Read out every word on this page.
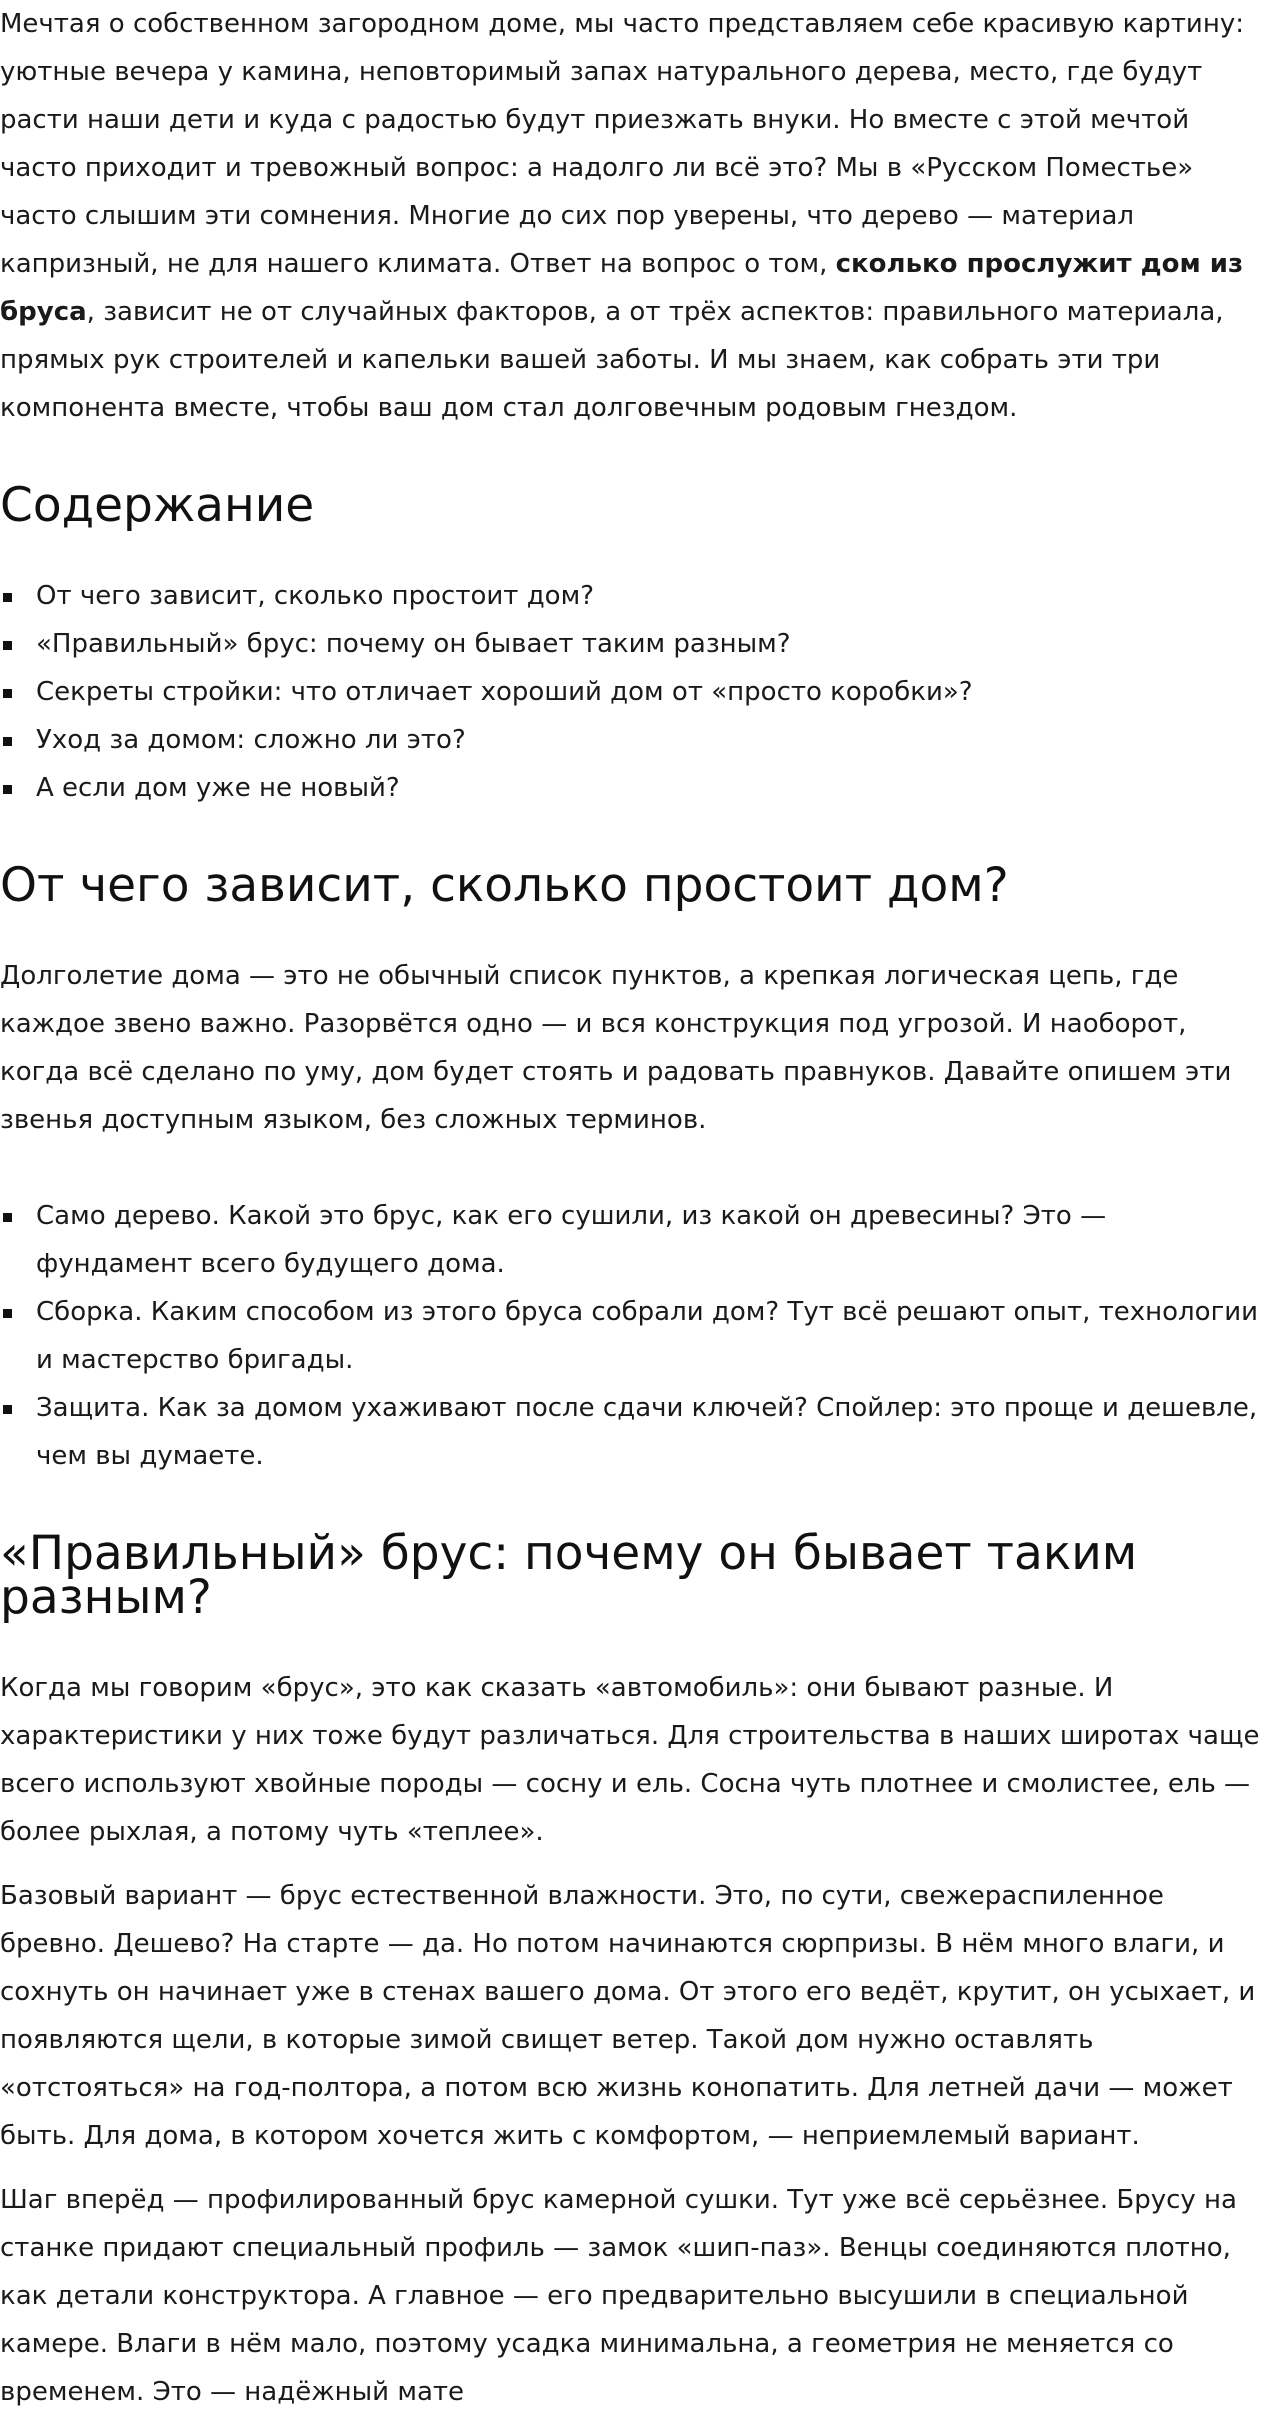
Мечтая о собственном загородном доме, мы часто представляем себе красивую картину: уютные вечера у камина, неповторимый запах натурального дерева, место, где будут расти наши дети и куда с радостью будут приезжать внуки. Но вместе с этой мечтой часто приходит и тревожный вопрос: а надолго ли всё это? Мы в «Русском Поместье» часто слышим эти сомнения. Многие до сих пор уверены, что дерево — материал капризный, не для нашего климата. Ответ на вопрос о том, сколько прослужит дом из бруса, зависит не от случайных факторов, а от трёх аспектов: правильного материала, прямых рук строителей и капельки вашей заботы. И мы знаем, как собрать эти три компонента вместе, чтобы ваш дом стал долговечным родовым гнездом.

Содержание
От чего зависит, сколько простоит дом?
«Правильный» брус: почему он бывает таким разным?
Секреты стройки: что отличает хороший дом от «просто коробки»?
Уход за домом: сложно ли это?
А если дом уже не новый?
От чего зависит, сколько простоит дом?

Долголетие дома — это не обычный список пунктов, а крепкая логическая цепь, где каждое звено важно. Разорвётся одно — и вся конструкция под угрозой. И наоборот, когда всё сделано по уму, дом будет стоять и радовать правнуков. Давайте опишем эти звенья доступным языком, без сложных терминов.

Само дерево. Какой это брус, как его сушили, из какой он древесины? Это — фундамент всего будущего дома.
Сборка. Каким способом из этого бруса собрали дом? Тут всё решают опыт, технологии и мастерство бригады.
Защита. Как за домом ухаживают после сдачи ключей? Спойлер: это проще и дешевле, чем вы думаете.
«Правильный» брус: почему он бывает таким разным?

Когда мы говорим «брус», это как сказать «автомобиль»: они бывают разные. И характеристики у них тоже будут различаться. Для строительства в наших широтах чаще всего используют хвойные породы — сосну и ель. Сосна чуть плотнее и смолистее, ель — более рыхлая, а потому чуть «теплее».

Базовый вариант — брус естественной влажности. Это, по сути, свежераспиленное бревно. Дешево? На старте — да. Но потом начинаются сюрпризы. В нём много влаги, и сохнуть он начинает уже в стенах вашего дома. От этого его ведёт, крутит, он усыхает, и появляются щели, в которые зимой свищет ветер. Такой дом нужно оставлять «отстояться» на год-полтора, а потом всю жизнь конопатить. Для летней дачи — может быть. Для дома, в котором хочется жить с комфортом, — неприемлемый вариант.

Шаг вперёд — профилированный брус камерной сушки. Тут уже всё серьёзнее. Брусу на станке придают специальный профиль — замок «шип-паз». Венцы соединяются плотно, как детали конструктора. А главное — его предварительно высушили в специальной камере. Влаги в нём мало, поэтому усадка минимальна, а геометрия не меняется со временем. Это — надёжный мате
